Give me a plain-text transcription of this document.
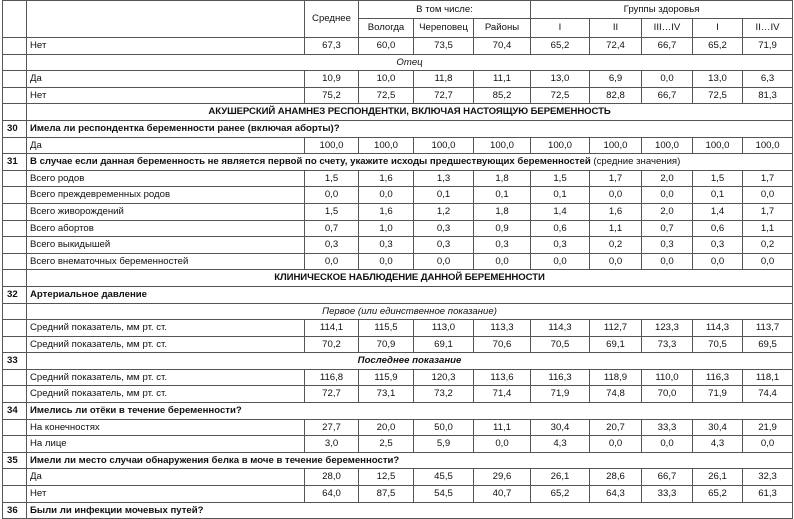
		Среднее	В том числе:			Группы здоровья				
			Вологда	Череповец	Районы	I	II	III…IV	I	II…IV
	Нет	67,3	60,0	73,5	70,4	65,2	72,4	66,7	65,2	71,9
	Отец									
	Да	10,9	10,0	11,8	11,1	13,0	6,9	0,0	13,0	6,3
	Нет	75,2	72,5	72,7	85,2	72,5	82,8	66,7	72,5	81,3
	АКУШЕРСКИЙ АНАМНЕЗ РЕСПОНДЕНТКИ, ВКЛЮЧАЯ НАСТОЯЩУЮ БЕРЕМЕННОСТЬ									
30	Имела ли респондентка беременности ранее (включая аборты)?									
	Да	100,0	100,0	100,0	100,0	100,0	100,0	100,0	100,0	100,0
31	В случае если данная беременность не является первой по счету, укажите исходы предшествующих беременностей (средние значения)									
	Всего родов	1,5	1,6	1,3	1,8	1,5	1,7	2,0	1,5	1,7
	Всего преждевременных родов	0,0	0,0	0,1	0,1	0,1	0,0	0,0	0,1	0,0
	Всего живорождений	1,5	1,6	1,2	1,8	1,4	1,6	2,0	1,4	1,7
	Всего абортов	0,7	1,0	0,3	0,9	0,6	1,1	0,7	0,6	1,1
	Всего выкидышей	0,3	0,3	0,3	0,3	0,3	0,2	0,3	0,3	0,2
	Всего внематочных беременностей	0,0	0,0	0,0	0,0	0,0	0,0	0,0	0,0	0,0
	КЛИНИЧЕСКОЕ НАБЛЮДЕНИЕ ДАННОЙ БЕРЕМЕННОСТИ									
32	Артериальное давление									
	Первое (или единственное показание)									
	Средний показатель, мм рт. ст.	114,1	115,5	113,0	113,3	114,3	112,7	123,3	114,3	113,7
	Средний показатель, мм рт. ст.	70,2	70,9	69,1	70,6	70,5	69,1	73,3	70,5	69,5
33	Последнее показание									
	Средний показатель, мм рт. ст.	116,8	115,9	120,3	113,6	116,3	118,9	110,0	116,3	118,1
	Средний показатель, мм рт. ст.	72,7	73,1	73,2	71,4	71,9	74,8	70,0	71,9	74,4
34	Имелись ли отёки в течение беременности?									
	На конечностях	27,7	20,0	50,0	11,1	30,4	20,7	33,3	30,4	21,9
	На лице	3,0	2,5	5,9	0,0	4,3	0,0	0,0	4,3	0,0
35	Имели ли место случаи обнаружения белка в моче в течение беременности?									
	Да	28,0	12,5	45,5	29,6	26,1	28,6	66,7	26,1	32,3
	Нет	64,0	87,5	54,5	40,7	65,2	64,3	33,3	65,2	61,3
36	Были ли инфекции мочевых путей?									
